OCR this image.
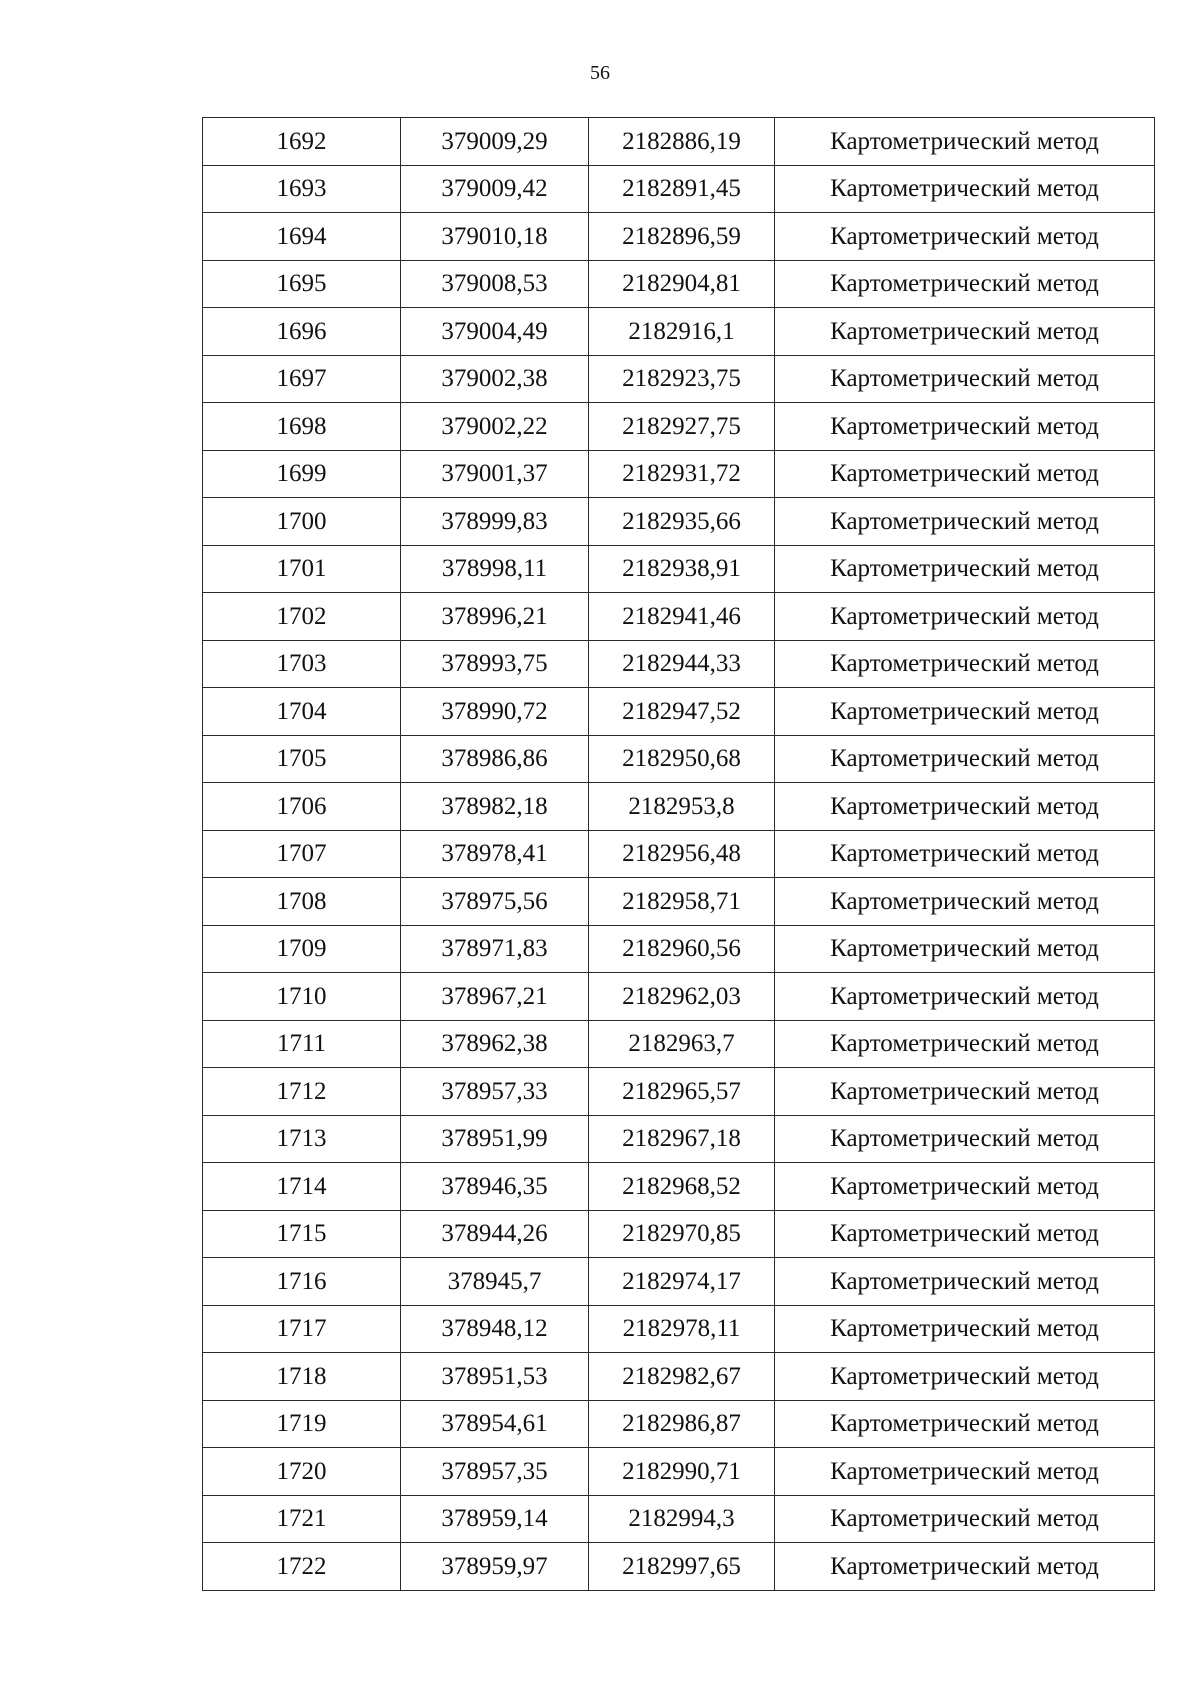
56
1692	379009,29	2182886,19	Картометрический метод
1693	379009,42	2182891,45	Картометрический метод
1694	379010,18	2182896,59	Картометрический метод
1695	379008,53	2182904,81	Картометрический метод
1696	379004,49	2182916,1	Картометрический метод
1697	379002,38	2182923,75	Картометрический метод
1698	379002,22	2182927,75	Картометрический метод
1699	379001,37	2182931,72	Картометрический метод
1700	378999,83	2182935,66	Картометрический метод
1701	378998,11	2182938,91	Картометрический метод
1702	378996,21	2182941,46	Картометрический метод
1703	378993,75	2182944,33	Картометрический метод
1704	378990,72	2182947,52	Картометрический метод
1705	378986,86	2182950,68	Картометрический метод
1706	378982,18	2182953,8	Картометрический метод
1707	378978,41	2182956,48	Картометрический метод
1708	378975,56	2182958,71	Картометрический метод
1709	378971,83	2182960,56	Картометрический метод
1710	378967,21	2182962,03	Картометрический метод
1711	378962,38	2182963,7	Картометрический метод
1712	378957,33	2182965,57	Картометрический метод
1713	378951,99	2182967,18	Картометрический метод
1714	378946,35	2182968,52	Картометрический метод
1715	378944,26	2182970,85	Картометрический метод
1716	378945,7	2182974,17	Картометрический метод
1717	378948,12	2182978,11	Картометрический метод
1718	378951,53	2182982,67	Картометрический метод
1719	378954,61	2182986,87	Картометрический метод
1720	378957,35	2182990,71	Картометрический метод
1721	378959,14	2182994,3	Картометрический метод
1722	378959,97	2182997,65	Картометрический метод
